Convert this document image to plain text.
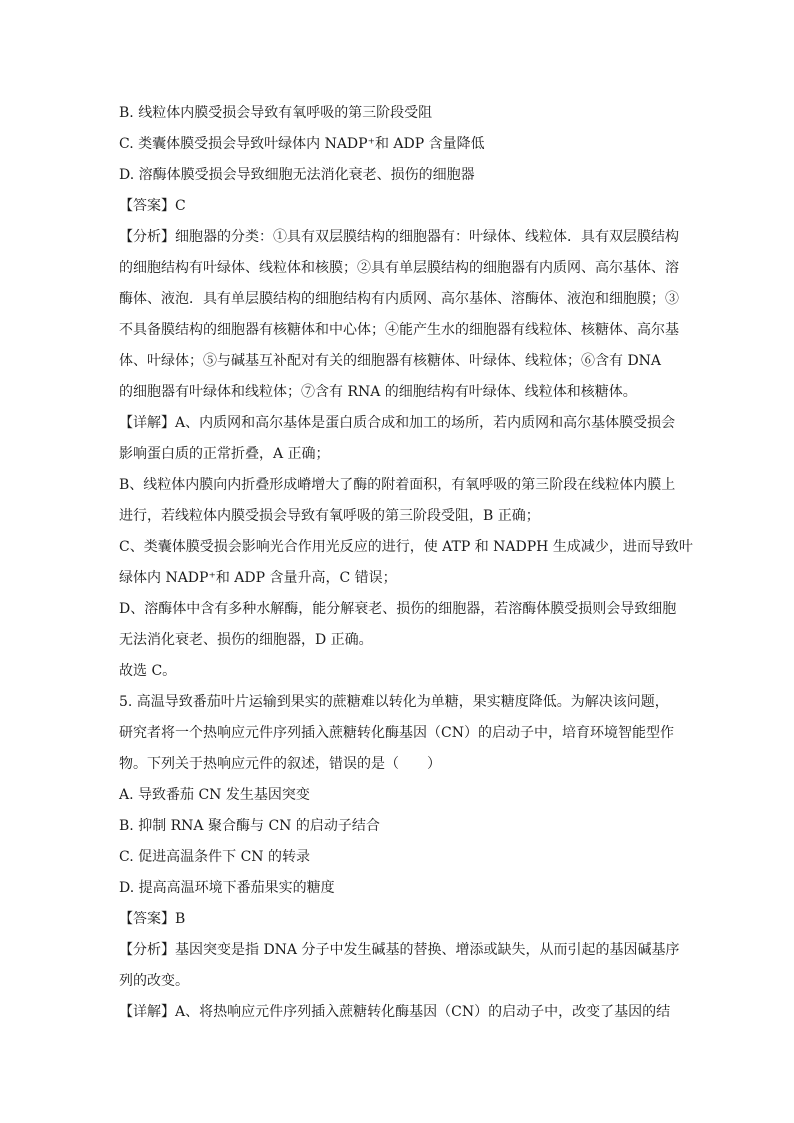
B. 线粒体内膜受损会导致有氧呼吸的第三阶段受阻
C. 类囊体膜受损会导致叶绿体内 NADP⁺和 ADP 含量降低
D. 溶酶体膜受损会导致细胞无法消化衰老、损伤的细胞器
【答案】C
【分析】细胞器的分类：①具有双层膜结构的细胞器有：叶绿体、线粒体．具有双层膜结构
的细胞结构有叶绿体、线粒体和核膜；②具有单层膜结构的细胞器有内质网、高尔基体、溶
酶体、液泡．具有单层膜结构的细胞结构有内质网、高尔基体、溶酶体、液泡和细胞膜；③
不具备膜结构的细胞器有核糖体和中心体；④能产生水的细胞器有线粒体、核糖体、高尔基
体、叶绿体；⑤与碱基互补配对有关的细胞器有核糖体、叶绿体、线粒体；⑥含有 DNA
的细胞器有叶绿体和线粒体；⑦含有 RNA 的细胞结构有叶绿体、线粒体和核糖体。
【详解】A、内质网和高尔基体是蛋白质合成和加工的场所，若内质网和高尔基体膜受损会
影响蛋白质的正常折叠，A 正确；
B、线粒体内膜向内折叠形成嵴增大了酶的附着面积，有氧呼吸的第三阶段在线粒体内膜上
进行，若线粒体内膜受损会导致有氧呼吸的第三阶段受阻，B 正确；
C、类囊体膜受损会影响光合作用光反应的进行，使 ATP 和 NADPH 生成减少，进而导致叶
绿体内 NADP⁺和 ADP 含量升高，C 错误；
D、溶酶体中含有多种水解酶，能分解衰老、损伤的细胞器，若溶酶体膜受损则会导致细胞
无法消化衰老、损伤的细胞器，D 正确。
故选 C。
5. 高温导致番茄叶片运输到果实的蔗糖难以转化为单糖，果实糖度降低。为解决该问题，
研究者将一个热响应元件序列插入蔗糖转化酶基因（CN）的启动子中，培育环境智能型作
物。下列关于热响应元件的叙述，错误的是（　　）
A. 导致番茄 CN 发生基因突变
B. 抑制 RNA 聚合酶与 CN 的启动子结合
C. 促进高温条件下 CN 的转录
D. 提高高温环境下番茄果实的糖度
【答案】B
【分析】基因突变是指 DNA 分子中发生碱基的替换、增添或缺失，从而引起的基因碱基序
列的改变。
【详解】A、将热响应元件序列插入蔗糖转化酶基因（CN）的启动子中，改变了基因的结
